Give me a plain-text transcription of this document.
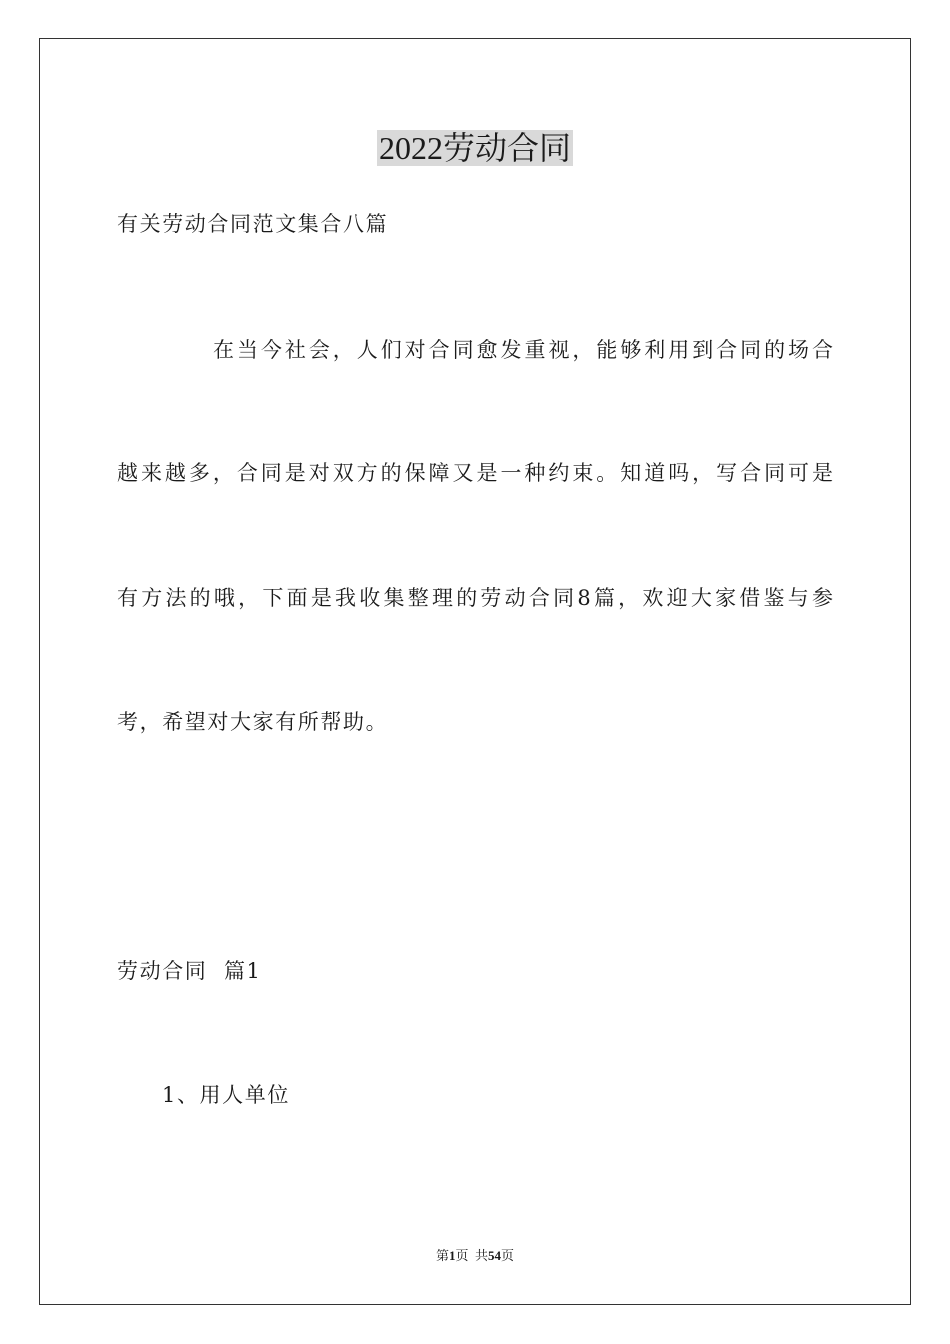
2022劳动合同
有关劳动合同范文集合八篇
在当今社会，人们对合同愈发重视，能够利用到合同的场合
越来越多，合同是对双方的保障又是一种约束。知道吗，写合同可是
有方法的哦，下面是我收集整理的劳动合同8篇，欢迎大家借鉴与参
考，希望对大家有所帮助。
劳动合同  篇1
1、用人单位
第1页  共54页
